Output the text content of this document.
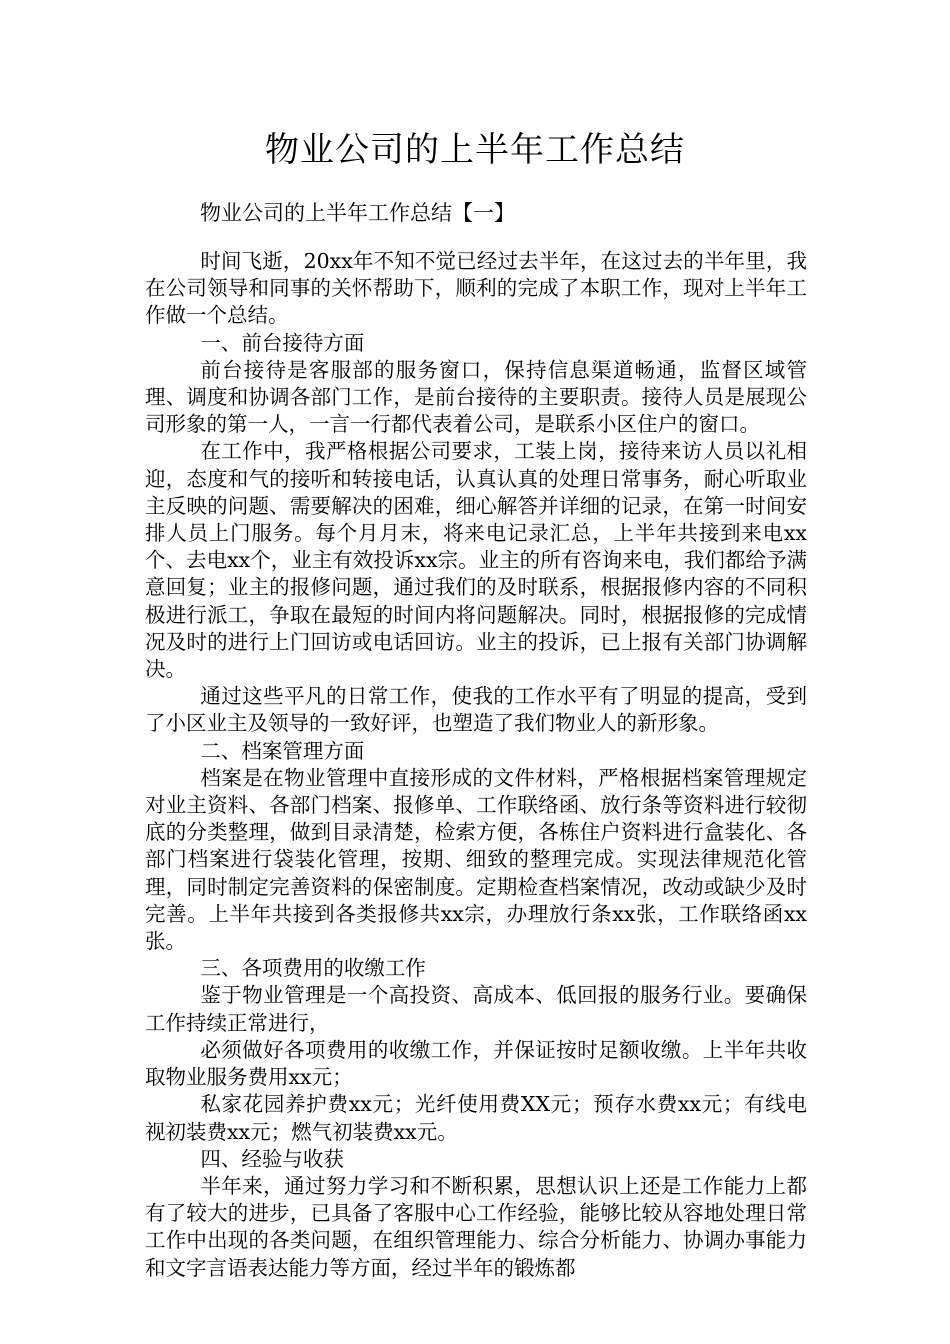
物业公司的上半年工作总结
物业公司的上半年工作总结【一】

时间飞逝，20xx年不知不觉已经过去半年，在这过去的半年里，我在公司领导和同事的关怀帮助下，顺利的完成了本职工作，现对上半年工作做一个总结。

一、前台接待方面

前台接待是客服部的服务窗口，保持信息渠道畅通，监督区域管理、调度和协调各部门工作，是前台接待的主要职责。接待人员是展现公司形象的第一人，一言一行都代表着公司，是联系小区住户的窗口。

在工作中，我严格根据公司要求，工装上岗，接待来访人员以礼相迎，态度和气的接听和转接电话，认真认真的处理日常事务，耐心听取业主反映的问题、需要解决的困难，细心解答并详细的记录，在第一时间安排人员上门服务。每个月月末，将来电记录汇总，上半年共接到来电xx个、去电xx个，业主有效投诉xx宗。业主的所有咨询来电，我们都给予满意回复；业主的报修问题，通过我们的及时联系，根据报修内容的不同积极进行派工，争取在最短的时间内将问题解决。同时，根据报修的完成情况及时的进行上门回访或电话回访。业主的投诉，已上报有关部门协调解决。

通过这些平凡的日常工作，使我的工作水平有了明显的提高，受到了小区业主及领导的一致好评，也塑造了我们物业人的新形象。

二、档案管理方面

档案是在物业管理中直接形成的文件材料，严格根据档案管理规定对业主资料、各部门档案、报修单、工作联络函、放行条等资料进行较彻底的分类整理，做到目录清楚，检索方便，各栋住户资料进行盒装化、各部门档案进行袋装化管理，按期、细致的整理完成。实现法律规范化管理，同时制定完善资料的保密制度。定期检查档案情况，改动或缺少及时完善。上半年共接到各类报修共xx宗，办理放行条xx张，工作联络函xx张。

三、各项费用的收缴工作

鉴于物业管理是一个高投资、高成本、低回报的服务行业。要确保工作持续正常进行，

必须做好各项费用的收缴工作，并保证按时足额收缴。上半年共收取物业服务费用xx元；

私家花园养护费xx元；光纤使用费XX元；预存水费xx元；有线电视初装费xx元；燃气初装费xx元。

四、经验与收获

半年来，通过努力学习和不断积累，思想认识上还是工作能力上都有了较大的进步，已具备了客服中心工作经验，能够比较从容地处理日常工作中出现的各类问题，在组织管理能力、综合分析能力、协调办事能力和文字言语表达能力等方面，经过半年的锻炼都
